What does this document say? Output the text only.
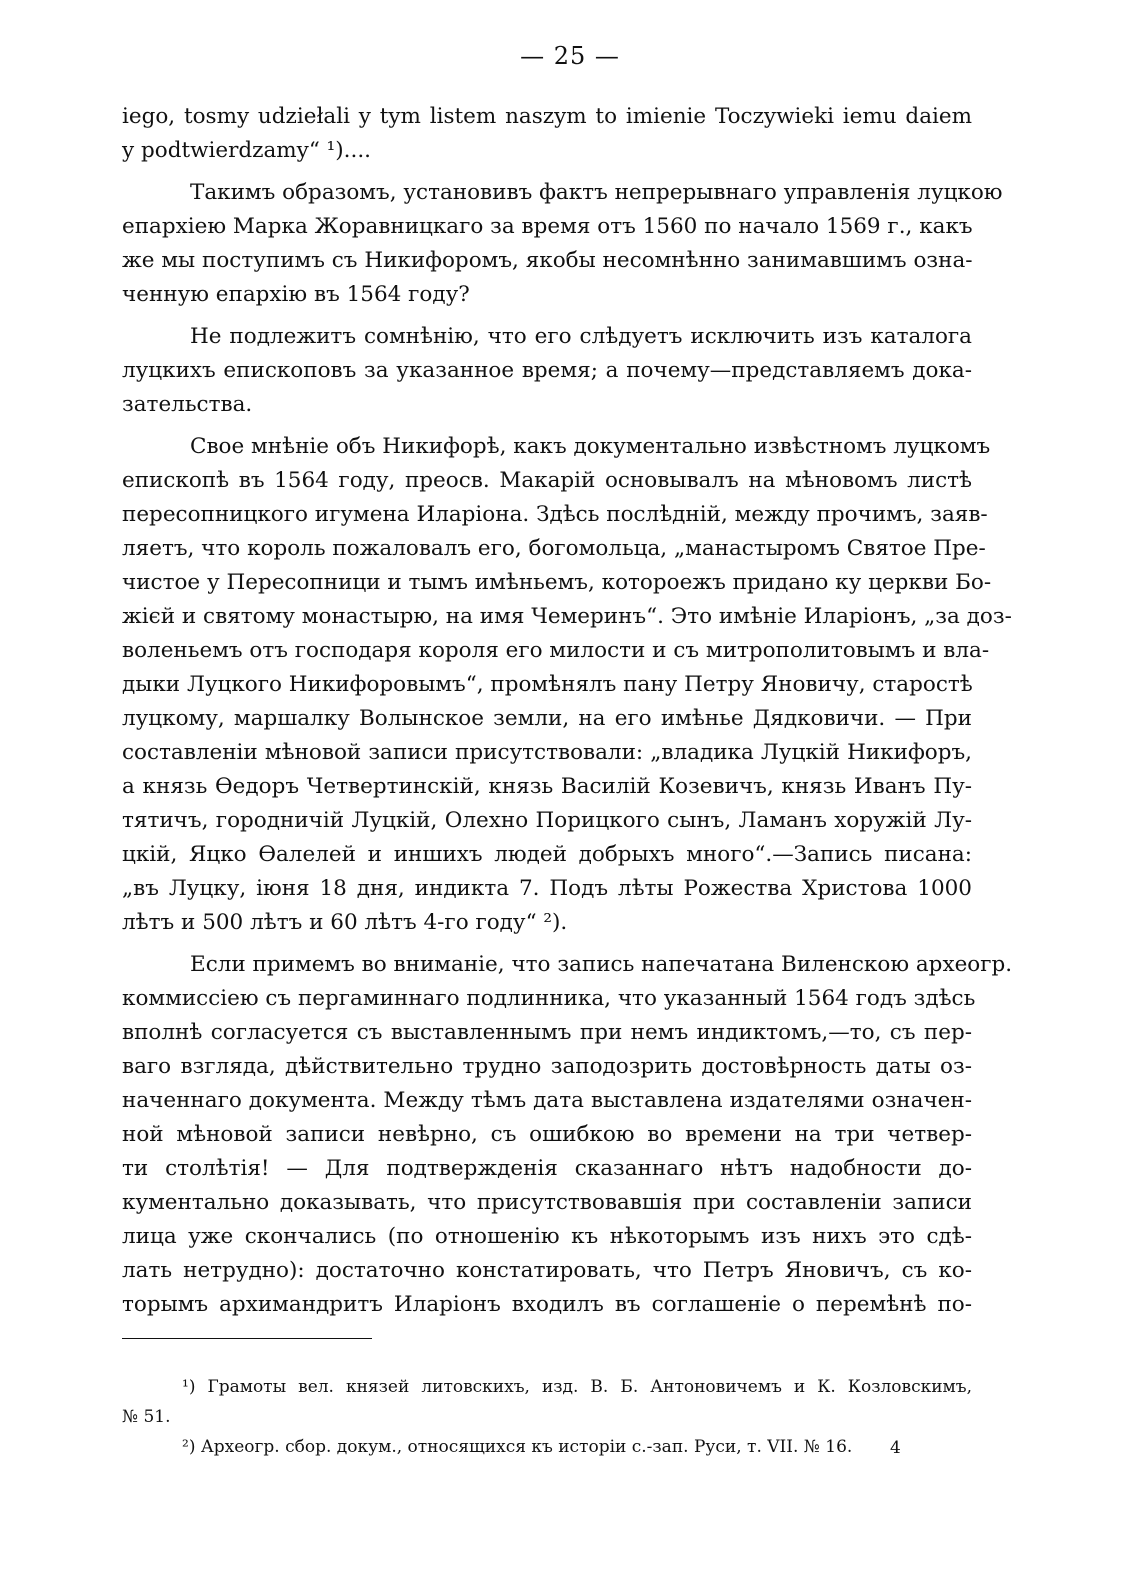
— 25 —
iego, tosmy udziełali y tym listem naszym to imienie Toczywieki iemu daiem
y podtwierdzamy“ ¹)....
Такимъ образомъ, установивъ фактъ непрерывнаго управленія луцкою
епархіею Марка Жоравницкаго за время отъ 1560 по начало 1569 г., какъ
же мы поступимъ съ Никифоромъ, якобы несомнѣнно занимавшимъ озна-
ченную епархію въ 1564 году?
Не подлежитъ сомнѣнію, что его слѣдуетъ исключить изъ каталога
луцкихъ епископовъ за указанное время; а почему—представляемъ дока-
зательства.
Свое мнѣніе объ Никифорѣ, какъ документально извѣстномъ луцкомъ
епископѣ въ 1564 году, преосв. Макарій основывалъ на мѣновомъ листѣ
пересопницкого игумена Иларіона. Здѣсь послѣдній, между прочимъ, заяв-
ляетъ, что король пожаловалъ его, богомольца, „манастыромъ Святое Пре-
чистое у Пересопници и тымъ имѣньемъ, котороежъ придано ку церкви Бо-
жієй и святому монастырю, на имя Чемеринъ“. Это имѣніе Иларіонъ, „за доз-
воленьемъ отъ господаря короля его милости и съ митрополитовымъ и вла-
дыки Луцкого Никифоровымъ“, промѣнялъ пану Петру Яновичу, старостѣ
луцкому, маршалку Волынское земли, на его имѣнье Дядковичи. — При
составленіи мѣновой записи присутствовали: „владика Луцкій Никифоръ,
а князь Өедоръ Четвертинскій, князь Василій Козевичъ, князь Иванъ Пу-
тятичъ, городничій Луцкій, Олехно Порицкого сынъ, Ламанъ хоружій Лу-
цкій, Яцко Өалелей и иншихъ людей добрыхъ много“.—Запись писана:
„въ Луцку, іюня 18 дня, индикта 7. Подъ лѣты Рожества Христова 1000
лѣтъ и 500 лѣтъ и 60 лѣтъ 4-го году“ ²).
Если примемъ во вниманіе, что запись напечатана Виленскою археогр.
коммиссіею съ пергаминнаго подлинника, что указанный 1564 годъ здѣсь
вполнѣ согласуется съ выставленнымъ при немъ индиктомъ,—то, съ пер-
ваго взгляда, дѣйствительно трудно заподозрить достовѣрность даты оз-
наченнаго документа. Между тѣмъ дата выставлена издателями означен-
ной мѣновой записи невѣрно, съ ошибкою во времени на три четвер-
ти столѣтія! — Для подтвержденія сказаннаго нѣтъ надобности до-
кументально доказывать, что присутствовавшія при составленіи записи
лица уже скончались (по отношенію къ нѣкоторымъ изъ нихъ это сдѣ-
лать нетрудно): достаточно констатировать, что Петръ Яновичъ, съ ко-
торымъ архимандритъ Иларіонъ входилъ въ соглашеніе о перемѣнѣ по-
¹) Грамоты вел. князей литовскихъ, изд. В. Б. Антоновичемъ и К. Козловскимъ,
№ 51.
²) Археогр. сбор. докум., относящихся къ исторіи с.-зап. Руси, т. VII. № 16.	4
